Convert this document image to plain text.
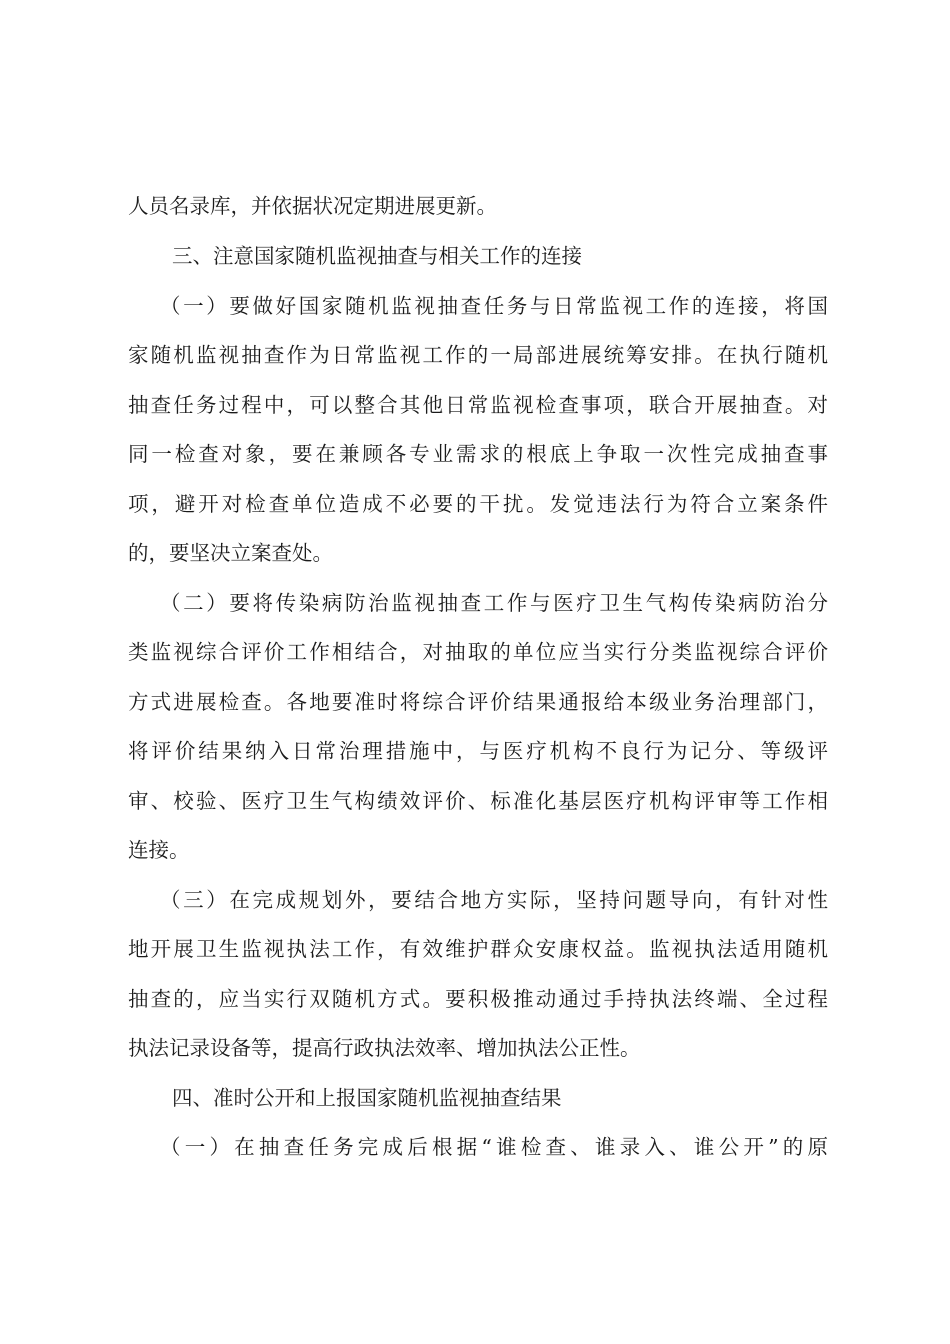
人员名录库，并依据状况定期进展更新。
三、注意国家随机监视抽查与相关工作的连接
（一）要做好国家随机监视抽查任务与日常监视工作的连接，将国
家随机监视抽查作为日常监视工作的一局部进展统筹安排。在执行随机
抽查任务过程中，可以整合其他日常监视检查事项，联合开展抽查。对
同一检查对象，要在兼顾各专业需求的根底上争取一次性完成抽查事
项，避开对检查单位造成不必要的干扰。发觉违法行为符合立案条件
的，要坚决立案查处。
（二）要将传染病防治监视抽查工作与医疗卫生气构传染病防治分
类监视综合评价工作相结合，对抽取的单位应当实行分类监视综合评价
方式进展检查。各地要准时将综合评价结果通报给本级业务治理部门，
将评价结果纳入日常治理措施中，与医疗机构不良行为记分、等级评
审、校验、医疗卫生气构绩效评价、标准化基层医疗机构评审等工作相
连接。
（三）在完成规划外，要结合地方实际，坚持问题导向，有针对性
地开展卫生监视执法工作，有效维护群众安康权益。监视执法适用随机
抽查的，应当实行双随机方式。要积极推动通过手持执法终端、全过程
执法记录设备等，提高行政执法效率、增加执法公正性。
四、准时公开和上报国家随机监视抽查结果
（一）在抽查任务完成后根据“谁检查、谁录入、谁公开”的原
